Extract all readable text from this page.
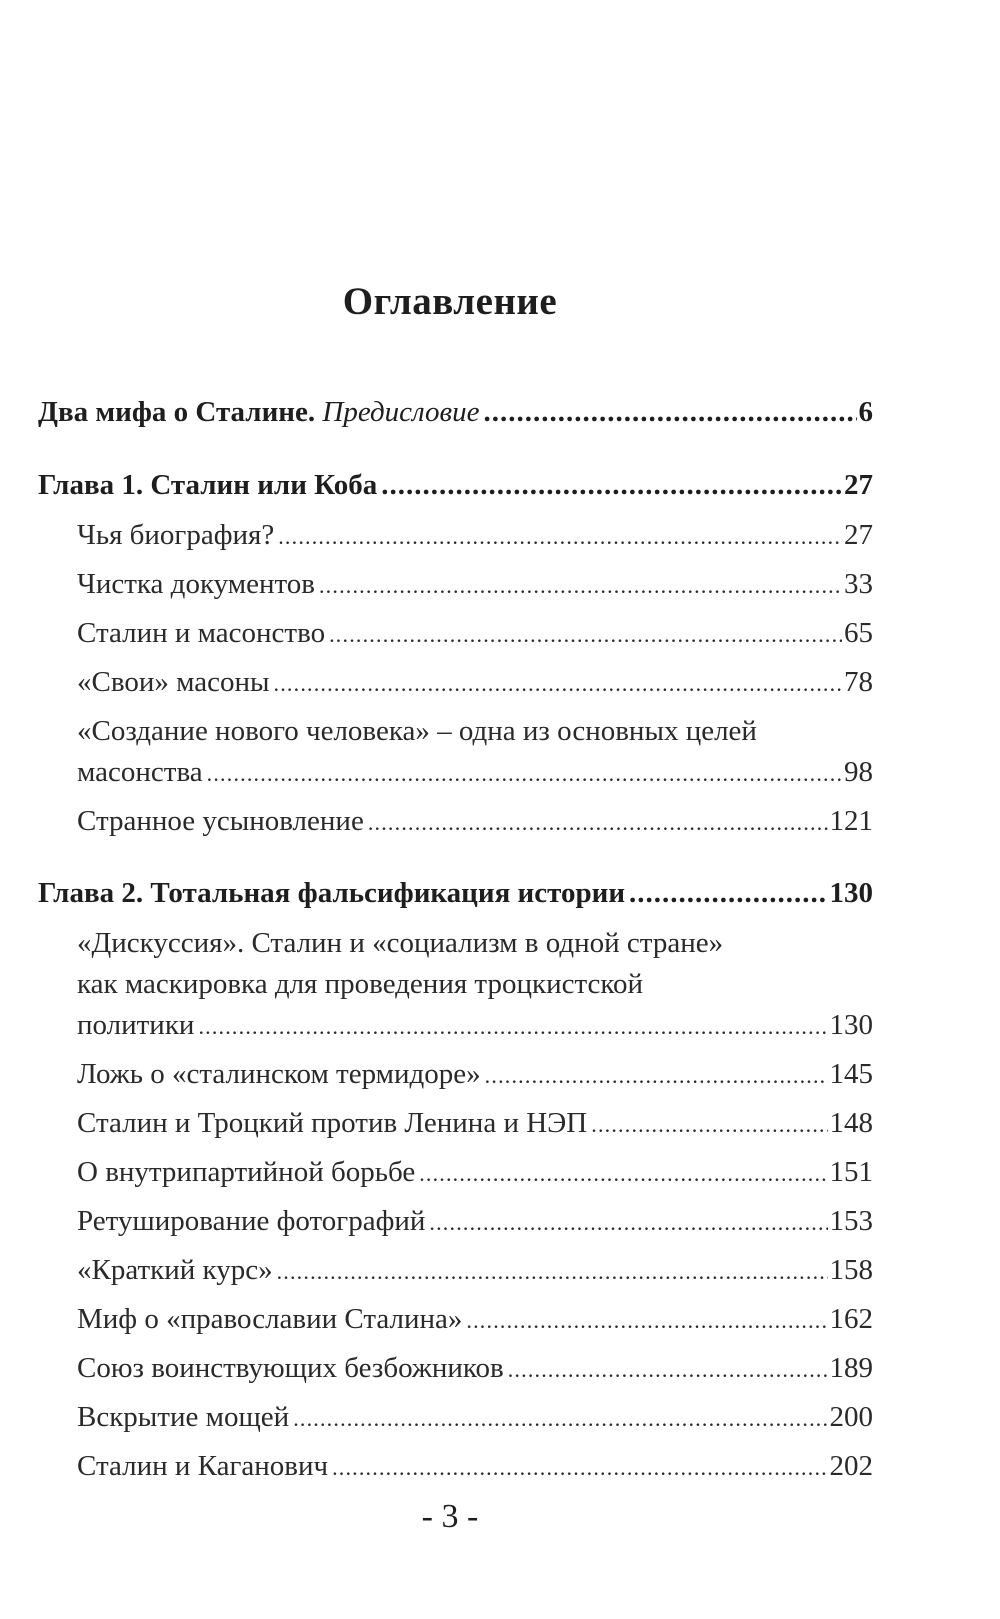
Оглавление
Два мифа о Сталине. Предисловие .....	6
Глава 1. Сталин или Коба .....	27
Чья биография? .....	27
Чистка документов .....	33
Сталин и масонство .....	65
«Свои» масоны .....	78
«Создание нового человека» – одна из основных целей
масонства .....	98
Странное усыновление .....	121
Глава 2. Тотальная фальсификация истории .....	130
«Дискуссия». Сталин и «социализм в одной стране»
как маскировка для проведения троцкистской
политики .....	130
Ложь о «сталинском термидоре» .....	145
Сталин и Троцкий против Ленина и НЭП .....	148
О внутрипартийной борьбе .....	151
Ретуширование фотографий .....	153
«Краткий курс» .....	158
Миф о «православии Сталина» .....	162
Союз воинствующих безбожников .....	189
Вскрытие мощей .....	200
Сталин и Каганович .....	202
- 3 -
